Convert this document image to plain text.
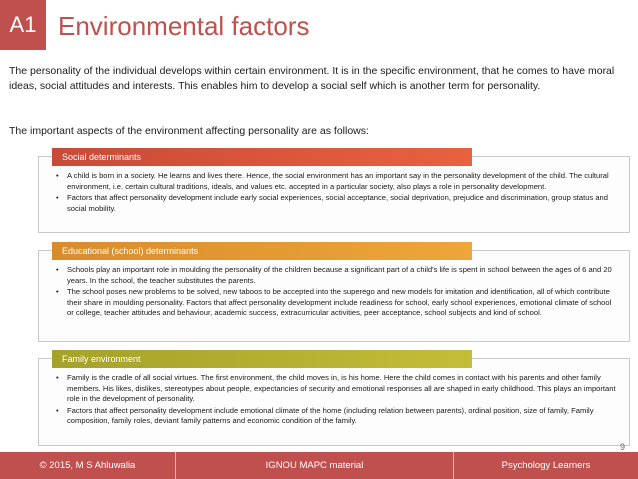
A1 Environmental factors

The personality of the individual develops within certain environment. It is in the specific environment, that he comes to have moral ideas, social attitudes and interests. This enables him to develop a social self which is another term for personality.

The important aspects of the environment affecting personality are as follows:

• A child is born in a society. He learns and lives there. Hence, the social environment has an important say in the personality development of the child. The cultural environment, i.e. certain cultural traditions, ideals, and values etc. accepted in a particular society, also plays a role in personality development.
• Factors that affect personality development include early social experiences, social acceptance, social deprivation, prejudice and discrimination, group status and social mobility.
Social determinants
• Schools play an important role in moulding the personality of the children because a significant part of a child's life is spent in school between the ages of 6 and 20 years. In the school, the teacher substitutes the parents.
• The school poses new problems to be solved, new taboos to be accepted into the superego and new models for imitation and identification, all of which contribute their share in moulding personality. Factors that affect personality development include readiness for school, early school experiences, emotional climate of school or college, teacher attitudes and behaviour, academic success, extracurricular activities, peer acceptance, school subjects and kind of school.
Educational (school) determinants
• Family is the cradle of all social virtues. The first environment, the child moves in, is his home. Here the child comes in contact with his parents and other family members. His likes, dislikes, stereotypes about people, expectancies of security and emotional responses all are shaped in early childhood. This plays an important role in the development of personality.
• Factors that affect personality development include emotional climate of the home (including relation between parents), ordinal position, size of family, Family composition, family roles, deviant family patterns and economic condition of the family.
Family environment
9
© 2015, M S Ahluwalia	IGNOU MAPC material	Psychology Learners
